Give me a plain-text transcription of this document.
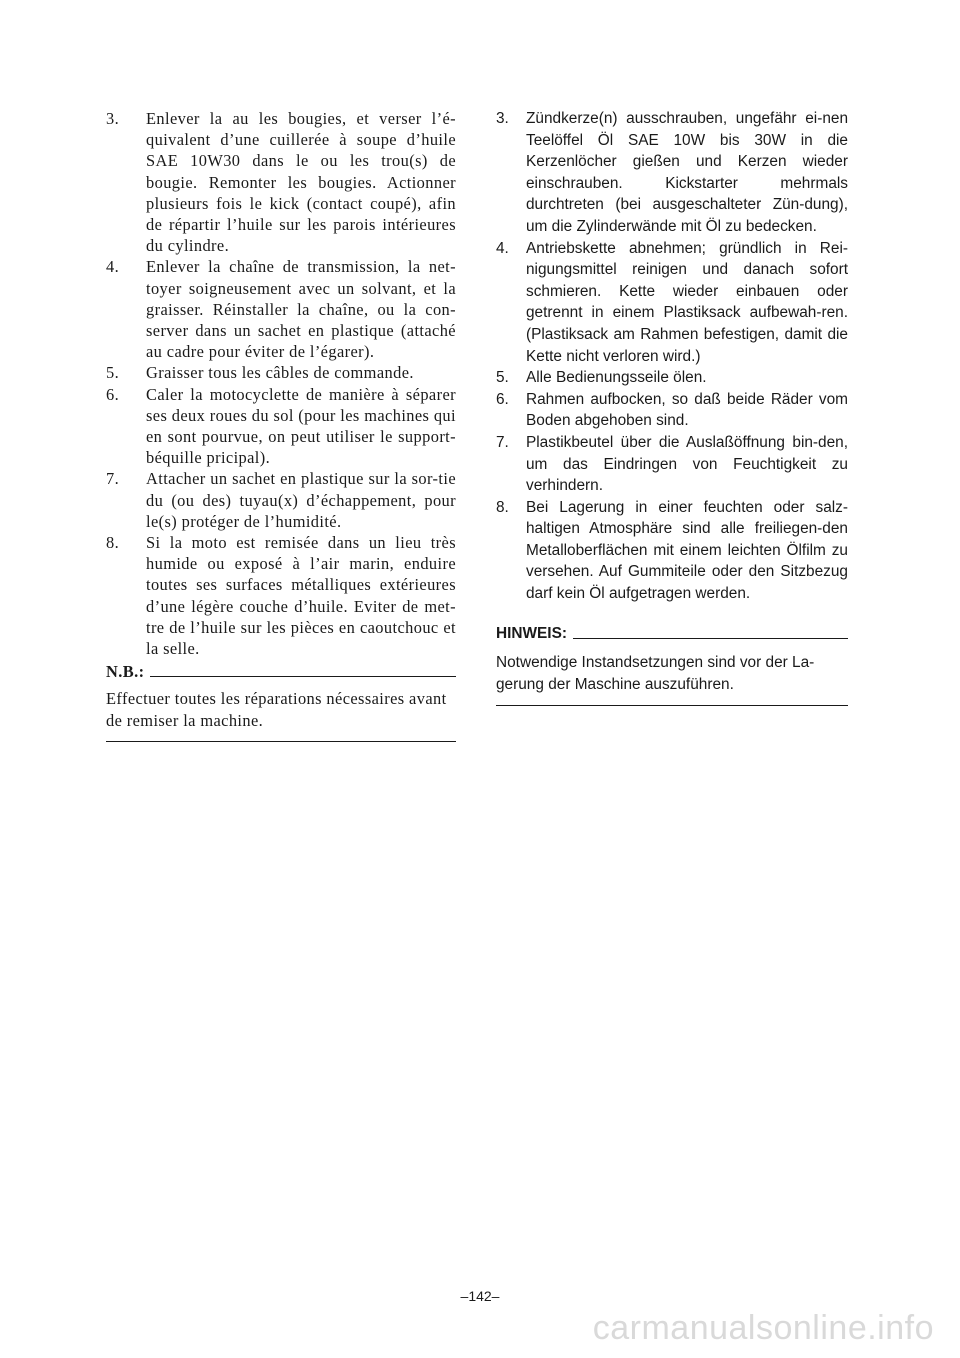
3.	Enlever la au les bougies, et verser l’é-quivalent d’une cuillerée à soupe d’huile SAE 10W30 dans le ou les trou(s) de bougie. Remonter les bougies. Actionner plusieurs fois le kick (contact coupé), afin de répartir l’huile sur les parois intérieures du cylindre.
4.	Enlever la chaîne de transmission, la net-toyer soigneusement avec un solvant, et la graisser. Réinstaller la chaîne, ou la con-server dans un sachet en plastique (attaché au cadre pour éviter de l’égarer).
5.	Graisser tous les câbles de commande.
6.	Caler la motocyclette de manière à séparer ses deux roues du sol (pour les machines qui en sont pourvue, on peut utiliser le support-béquille pricipal).
7.	Attacher un sachet en plastique sur la sor-tie du (ou des) tuyau(x) d’échappement, pour le(s) protéger de l’humidité.
8.	Si la moto est remisée dans un lieu très humide ou exposé à l’air marin, enduire toutes ses surfaces métalliques extérieures d’une légère couche d’huile. Eviter de met-tre de l’huile sur les pièces en caoutchouc et la selle.
N.B.:
Effectuer toutes les réparations nécessaires avant de remiser la machine.
3.	Zündkerze(n) ausschrauben, ungefähr ei-nen Teelöffel Öl SAE 10W bis 30W in die Kerzenlöcher gießen und Kerzen wieder einschrauben. Kickstarter mehrmals durchtreten (bei ausgeschalteter Zün-dung), um die Zylinderwände mit Öl zu bedecken.
4.	Antriebskette abnehmen; gründlich in Rei-nigungsmittel reinigen und danach sofort schmieren. Kette wieder einbauen oder getrennt in einem Plastiksack aufbewah-ren. (Plastiksack am Rahmen befestigen, damit die Kette nicht verloren wird.)
5.	Alle Bedienungsseile ölen.
6.	Rahmen aufbocken, so daß beide Räder vom Boden abgehoben sind.
7.	Plastikbeutel über die Auslaßöffnung bin-den, um das Eindringen von Feuchtigkeit zu verhindern.
8.	Bei Lagerung in einer feuchten oder salz-haltigen Atmosphäre sind alle freiliegen-den Metalloberflächen mit einem leichten Ölfilm zu versehen. Auf Gummiteile oder den Sitzbezug darf kein Öl aufgetragen werden.
HINWEIS:
Notwendige Instandsetzungen sind vor der La-gerung der Maschine auszuführen.
–142–
carmanualsonline.info
